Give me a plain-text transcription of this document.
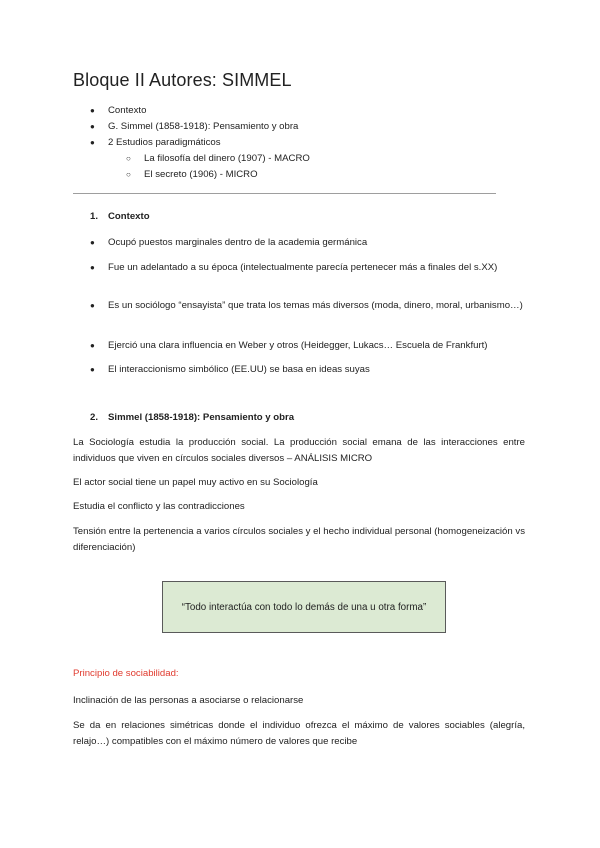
Bloque II Autores: SIMMEL
● Contexto
● G. Simmel (1858-1918): Pensamiento y obra
● 2 Estudios paradigmáticos
○ La filosofía del dinero (1907) - MACRO
○ El secreto (1906) - MICRO
1. Contexto
● Ocupó puestos marginales dentro de la academia germánica
● Fue un adelantado a su época (intelectualmente parecía pertenecer más a finales del s.XX)
● Es un sociólogo “ensayista” que trata los temas más diversos (moda, dinero, moral, urbanismo…)
● Ejerció una clara influencia en Weber y otros (Heidegger, Lukacs… Escuela de Frankfurt)
● El interaccionismo simbólico (EE.UU) se basa en ideas suyas
2. Simmel (1858-1918): Pensamiento y obra

La Sociología estudia la producción social. La producción social emana de las interacciones entre individuos que viven en círculos sociales diversos – ANÁLISIS MICRO

El actor social tiene un papel muy activo en su Sociología

Estudia el conflicto y las contradicciones

Tensión entre la pertenencia a varios círculos sociales y el hecho individual personal (homogeneización vs diferenciación)

“Todo interactúa con todo lo demás de una u otra forma”
Principio de sociabilidad:

Inclinación de las personas a asociarse o relacionarse

Se da en relaciones simétricas donde el individuo ofrezca el máximo de valores sociables (alegría, relajo…) compatibles con el máximo número de valores que recibe
